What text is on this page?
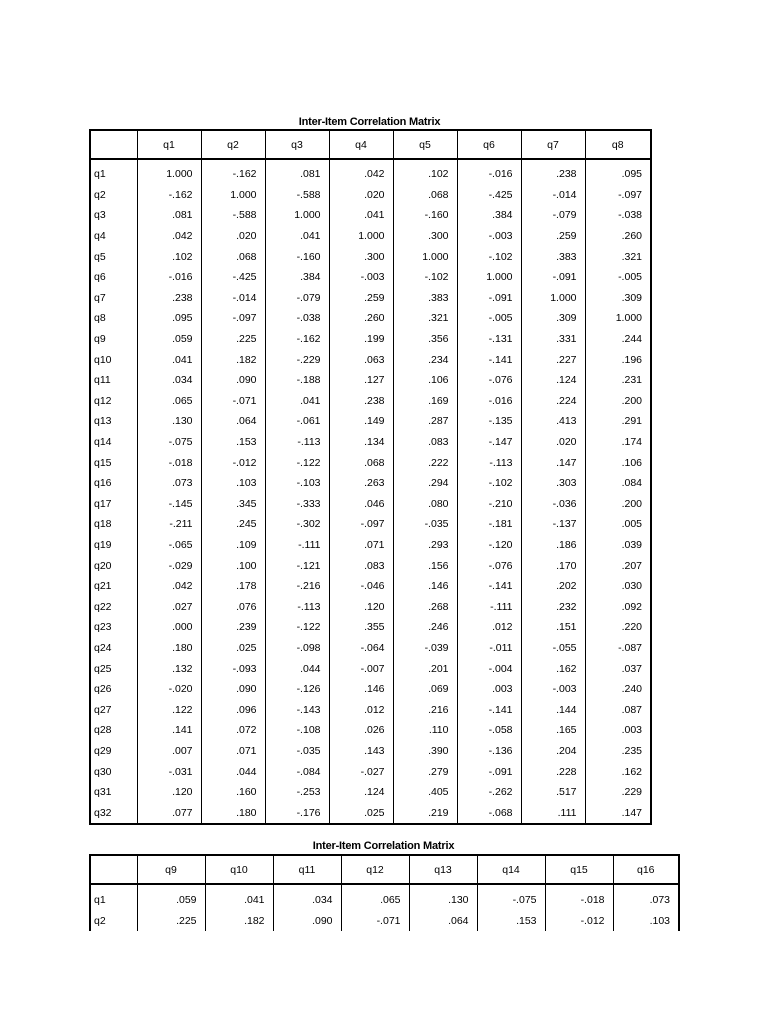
Inter-Item Correlation Matrix
	q1	q2	q3	q4	q5	q6	q7	q8
q1	1.000	-.162	.081	.042	.102	-.016	.238	.095
q2	-.162	1.000	-.588	.020	.068	-.425	-.014	-.097
q3	.081	-.588	1.000	.041	-.160	.384	-.079	-.038
q4	.042	.020	.041	1.000	.300	-.003	.259	.260
q5	.102	.068	-.160	.300	1.000	-.102	.383	.321
q6	-.016	-.425	.384	-.003	-.102	1.000	-.091	-.005
q7	.238	-.014	-.079	.259	.383	-.091	1.000	.309
q8	.095	-.097	-.038	.260	.321	-.005	.309	1.000
q9	.059	.225	-.162	.199	.356	-.131	.331	.244
q10	.041	.182	-.229	.063	.234	-.141	.227	.196
q11	.034	.090	-.188	.127	.106	-.076	.124	.231
q12	.065	-.071	.041	.238	.169	-.016	.224	.200
q13	.130	.064	-.061	.149	.287	-.135	.413	.291
q14	-.075	.153	-.113	.134	.083	-.147	.020	.174
q15	-.018	-.012	-.122	.068	.222	-.113	.147	.106
q16	.073	.103	-.103	.263	.294	-.102	.303	.084
q17	-.145	.345	-.333	.046	.080	-.210	-.036	.200
q18	-.211	.245	-.302	-.097	-.035	-.181	-.137	.005
q19	-.065	.109	-.111	.071	.293	-.120	.186	.039
q20	-.029	.100	-.121	.083	.156	-.076	.170	.207
q21	.042	.178	-.216	-.046	.146	-.141	.202	.030
q22	.027	.076	-.113	.120	.268	-.111	.232	.092
q23	.000	.239	-.122	.355	.246	.012	.151	.220
q24	.180	.025	-.098	-.064	-.039	-.011	-.055	-.087
q25	.132	-.093	.044	-.007	.201	-.004	.162	.037
q26	-.020	.090	-.126	.146	.069	.003	-.003	.240
q27	.122	.096	-.143	.012	.216	-.141	.144	.087
q28	.141	.072	-.108	.026	.110	-.058	.165	.003
q29	.007	.071	-.035	.143	.390	-.136	.204	.235
q30	-.031	.044	-.084	-.027	.279	-.091	.228	.162
q31	.120	.160	-.253	.124	.405	-.262	.517	.229
q32	.077	.180	-.176	.025	.219	-.068	.111	.147
Inter-Item Correlation Matrix
	q9	q10	q11	q12	q13	q14	q15	q16
q1	.059	.041	.034	.065	.130	-.075	-.018	.073
q2	.225	.182	.090	-.071	.064	.153	-.012	.103
